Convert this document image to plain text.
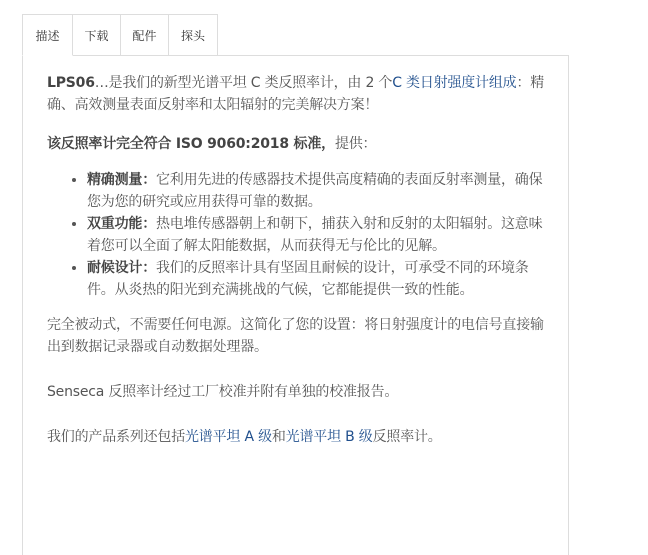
描述	下载	配件	探头

LPS06…是我们的新型光谱平坦 C 类反照率计，由 2 个C 类日射强度计组成：精确、高效测量表面反射率和太阳辐射的完美解决方案！

该反照率计完全符合 ISO 9060:2018 标准，提供：

• 精确测量：它利用先进的传感器技术提供高度精确的表面反射率测量，确保您为您的研究或应用获得可靠的数据。
• 双重功能：热电堆传感器朝上和朝下，捕获入射和反射的太阳辐射。这意味着您可以全面了解太阳能数据，从而获得无与伦比的见解。
• 耐候设计：我们的反照率计具有坚固且耐候的设计，可承受不同的环境条件。从炎热的阳光到充满挑战的气候，它都能提供一致的性能。

完全被动式，不需要任何电源。这简化了您的设置：将日射强度计的电信号直接输出到数据记录器或自动数据处理器。

Senseca 反照率计经过工厂校准并附有单独的校准报告。

我们的产品系列还包括光谱平坦 A 级和光谱平坦 B 级反照率计。
